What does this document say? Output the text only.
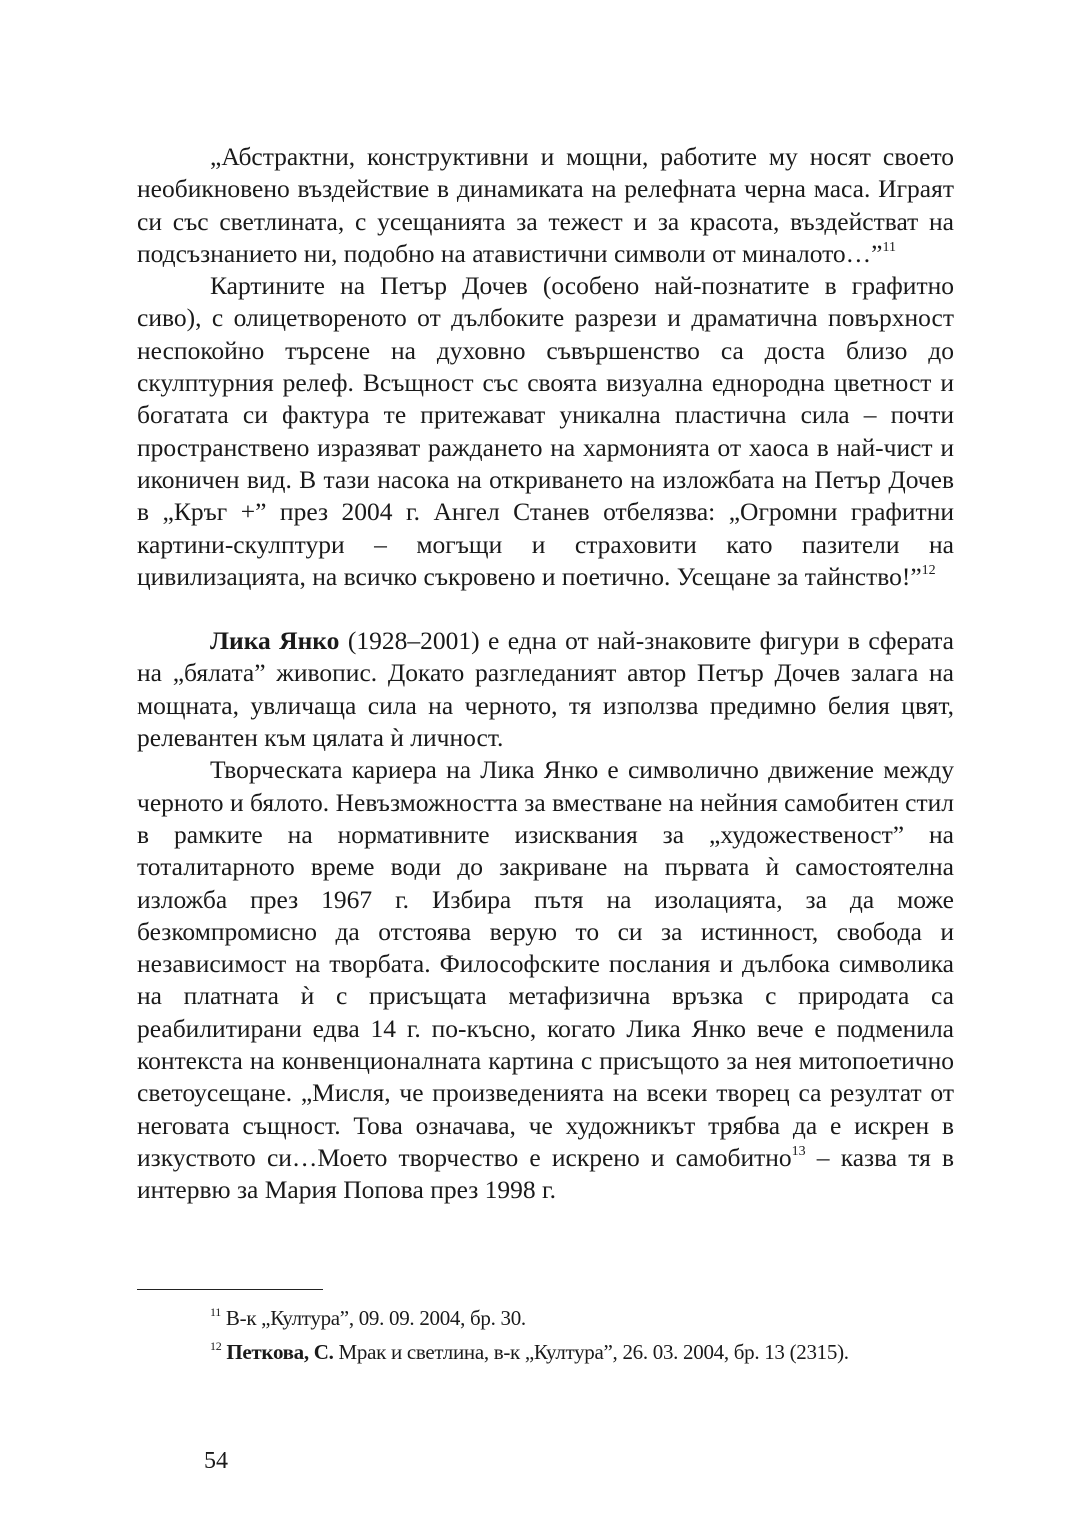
„Абстрактни, конструктивни и мощни, работите му носят своето необикновено въздействие в динамиката на релефната черна маса. Играят си със светлината, с усещанията за тежест и за красота, въздействат на подсъзнанието ни, подобно на атавистични символи от миналото…”$^{11}$

Картините на Петър Дочев (особено най-познатите в графитно сиво), с олицетвореното от дълбоките разрези и драматична повърхност неспокойно търсене на духовно съвършенство са доста близо до скулптурния релеф. Всъщност със своята визуална еднородна цветност и богатата си фактура те притежават уникална пластична сила – почти пространствено изразяват раждането на хармонията от хаоса в най-чист и иконичен вид. В тази насока на откриването на изложбата на Петър Дочев в „Кръг +” през 2004 г. Ангел Станев отбелязва: „Огромни графитни картини-скулптури – могъщи и страховити като пазители на цивилизацията, на всичко съкровено и поетично. Усещане за тайнство!”$^{12}$

Лика Янко (1928–2001) е една от най-знаковите фигури в сферата на „бялата” живопис. Докато разгледаният автор Петър Дочев залага на мощната, увличаща сила на черното, тя използва предимно белия цвят, релевантен към цялата ѝ личност.

Творческата кариера на Лика Янко е символично движение между черното и бялото. Невъзможността за вместване на нейния самобитен стил в рамките на нормативните изисквания за „художественост” на тоталитарното време води до закриване на първата ѝ самостоятелна изложба през 1967 г. Избира пътя на изолацията, за да може безкомпромисно да отстоява верую то си за истинност, свобода и независимост на творбата. Философските послания и дълбока символика на платната ѝ с присъщата метафизична връзка с природата са реабилитирани едва 14 г. по-късно, когато Лика Янко вече е подменила контекста на конвенционалната картина с присъщото за нея митопоетично светоусещане. „Мисля, че произведенията на всеки творец са резултат от неговата същност. Това означава, че художникът трябва да е искрен в изкуството си…Моето творчество е искрено и самобитно$^{13}$ – казва тя в интервю за Мария Попова през 1998 г.

$^{11}$ В-к „Култура”, 09. 09. 2004, бр. 30.

$^{12}$ Петкова, С. Мрак и светлина, в-к „Култура”, 26. 03. 2004, бр. 13 (2315).

54
